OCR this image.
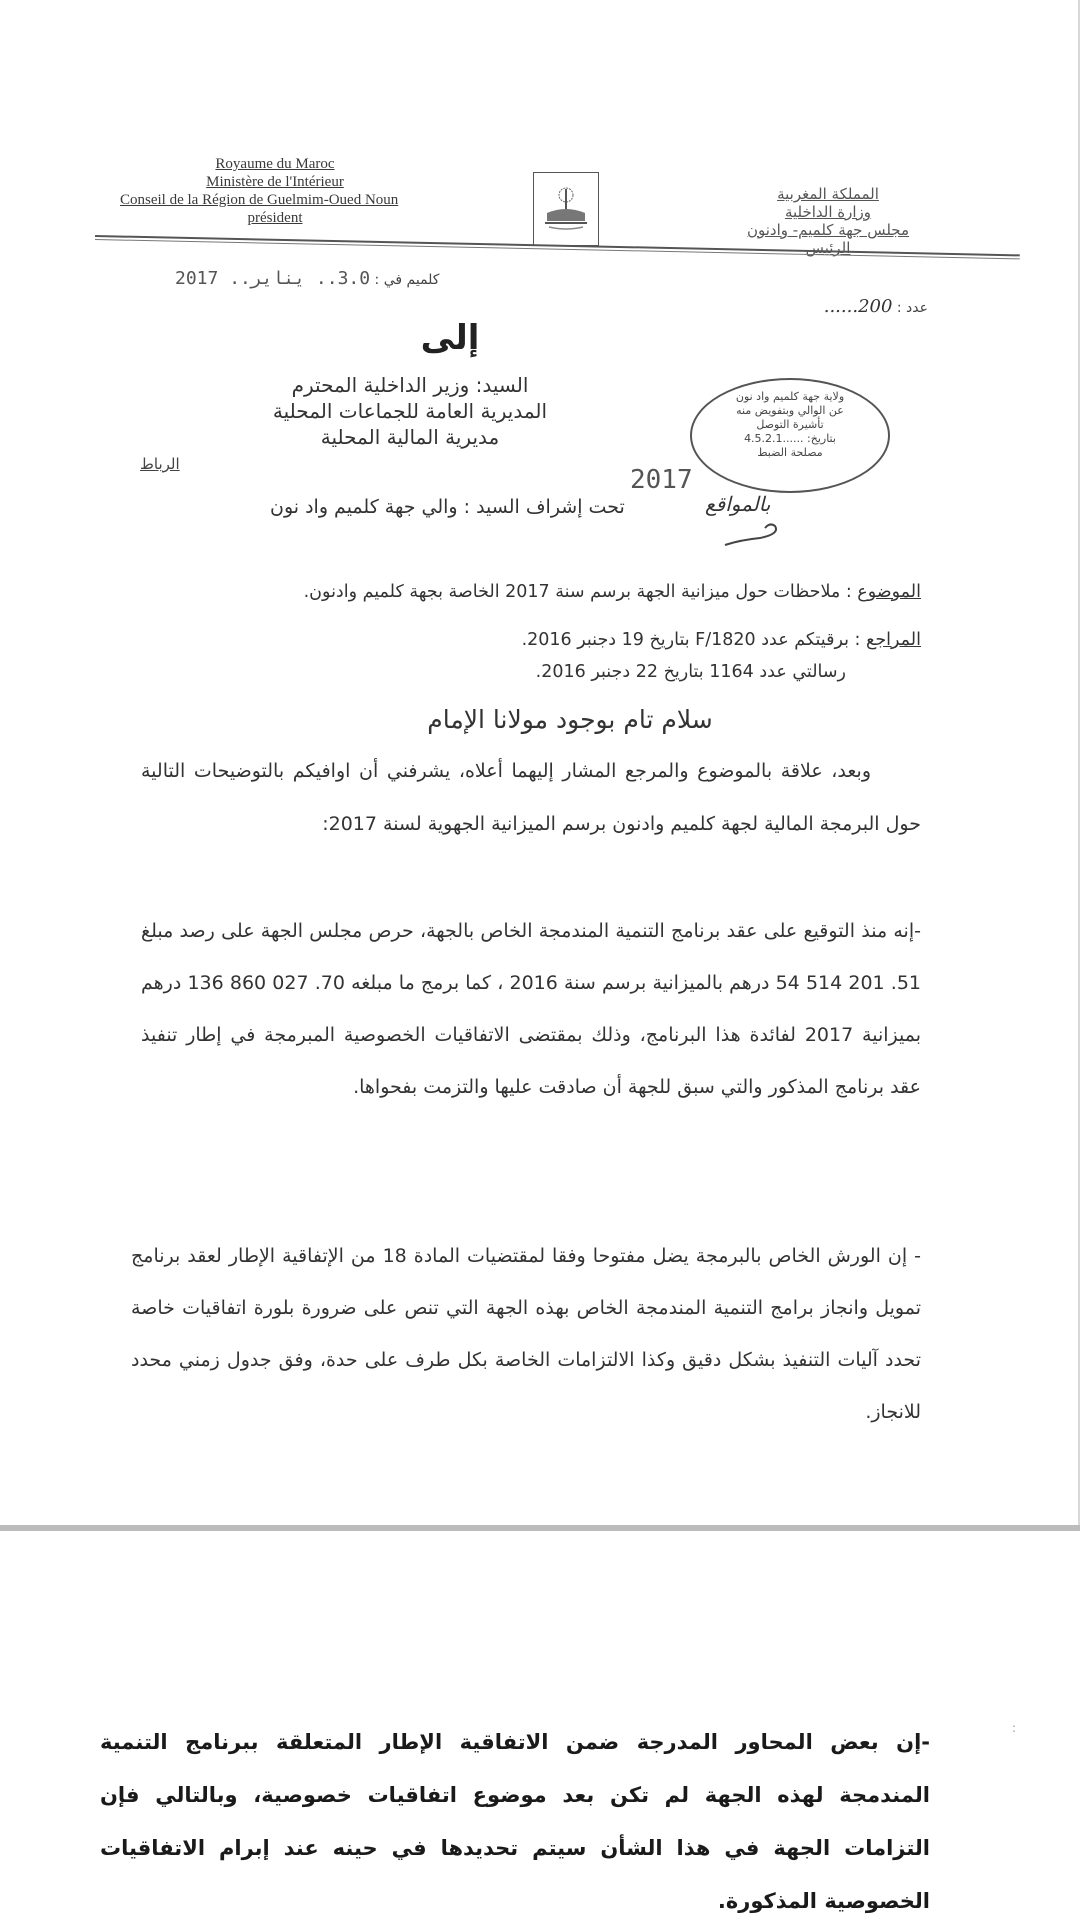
Royaume du Maroc
Ministère de l'Intérieur
Conseil de la Région de Guelmim-Oued Noun
président
المملكة المغربية
وزارة الداخلية
مجلس جهة كلميم- وادنون
الرئيس
كلميم في : 3.0.. يناير.. 2017
عدد : 200......
إلى
السيد: وزير الداخلية المحترم
المديرية العامة للجماعات المحلية
مديرية المالية المحلية
الرباط
ولاية جهة كلميم واد نون
عن الوالي وبتفويض منه
تأشيرة التوصل
بتاريخ: ......4.5.2.1
مصلحة الضبط
2017
بالمواقع
تحت إشراف السيد : والي جهة كلميم واد نون
الموضوع : ملاحظات حول ميزانية الجهة برسم سنة 2017 الخاصة بجهة كلميم وادنون.
المراجع : برقيتكم عدد F/1820 بتاريخ 19 دجنبر 2016.
رسالتي عدد 1164 بتاريخ 22 دجنبر 2016.
سلام تام بوجود مولانا الإمام
وبعد، علاقة بالموضوع والمرجع المشار إليهما أعلاه، يشرفني أن اوافيكم بالتوضيحات التالية حول البرمجة المالية لجهة كلميم وادنون برسم الميزانية الجهوية لسنة 2017:
-إنه منذ التوقيع على عقد برنامج التنمية المندمجة الخاص بالجهة، حرص مجلس الجهة على رصد مبلغ 51. 201 514 54 درهم بالميزانية برسم سنة 2016 ، كما برمج ما مبلغه 70. 027 860 136 درهم بميزانية 2017 لفائدة هذا البرنامج، وذلك بمقتضى الاتفاقيات الخصوصية المبرمجة في إطار تنفيذ عقد برنامج المذكور والتي سبق للجهة أن صادقت عليها والتزمت بفحواها.
- إن الورش الخاص بالبرمجة يضل مفتوحا وفقا لمقتضيات المادة 18 من الإتفاقية الإطار لعقد برنامج تمويل وانجاز برامج التنمية المندمجة الخاص بهذه الجهة التي تنص على ضرورة بلورة اتفاقيات خاصة تحدد آليات التنفيذ بشكل دقيق وكذا الالتزامات الخاصة بكل طرف على حدة، وفق جدول زمني محدد للانجاز.
:
-إن بعض المحاور المدرجة ضمن الاتفاقية الإطار المتعلقة ببرنامج التنمية المندمجة لهذه الجهة لم تكن بعد موضوع اتفاقيات خصوصية، وبالتالي فإن التزامات الجهة في هذا الشأن سيتم تحديدها في حينه عند إبرام الاتفاقيات الخصوصية المذكورة.
